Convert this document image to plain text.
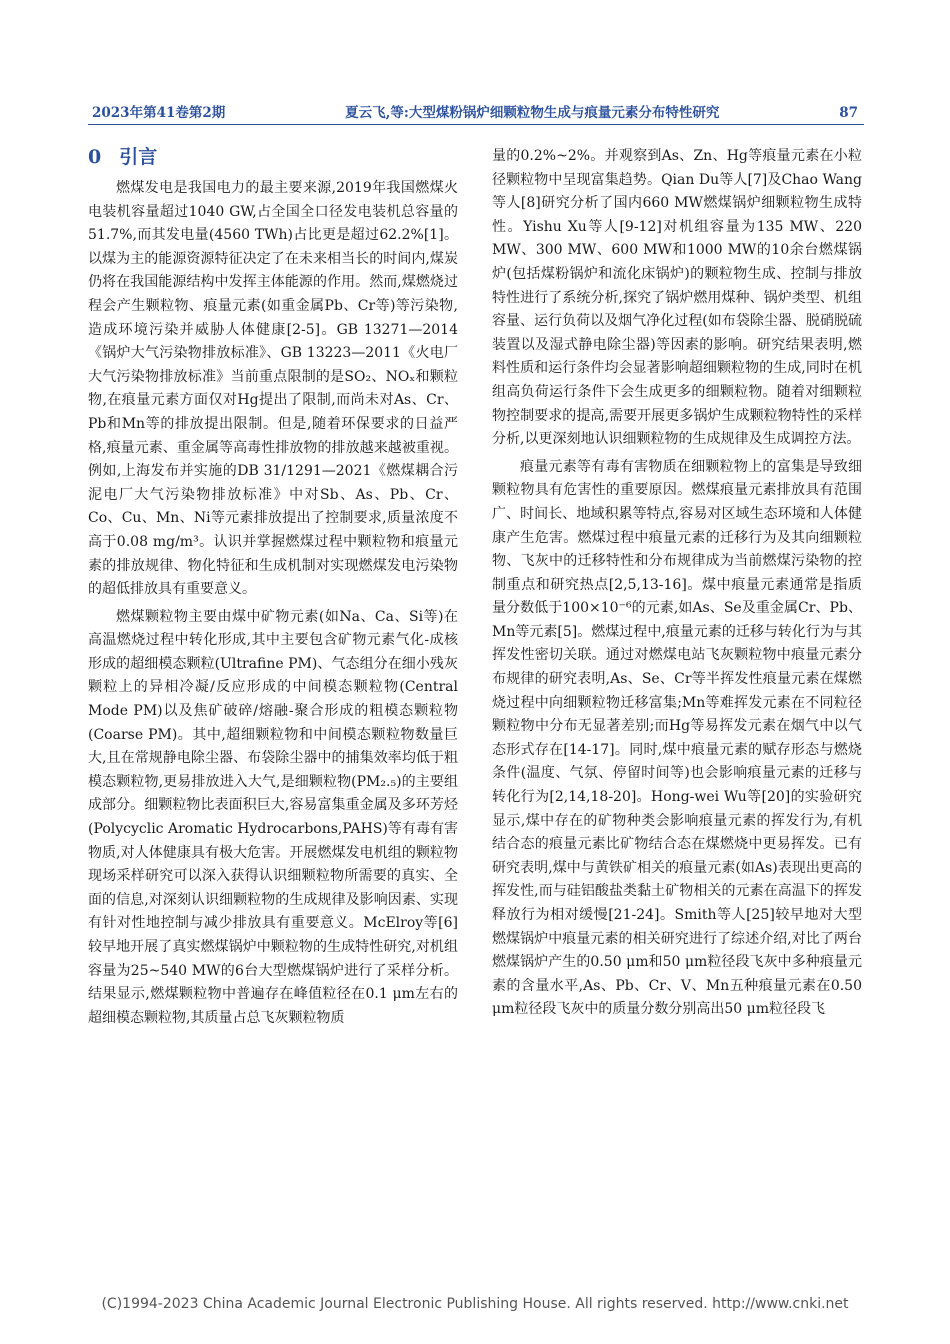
2023年第41卷第2期	夏云飞,等:大型煤粉锅炉细颗粒物生成与痕量元素分布特性研究	87
0 引言

燃煤发电是我国电力的最主要来源,2019年我国燃煤火电装机容量超过1040 GW,占全国全口径发电装机总容量的51.7%,而其发电量(4560 TWh)占比更是超过62.2%[1]。以煤为主的能源资源特征决定了在未来相当长的时间内,煤炭仍将在我国能源结构中发挥主体能源的作用。然而,煤燃烧过程会产生颗粒物、痕量元素(如重金属Pb、Cr等)等污染物,造成环境污染并威胁人体健康[2-5]。GB 13271—2014《锅炉大气污染物排放标准》、GB 13223—2011《火电厂大气污染物排放标准》当前重点限制的是SO₂、NOₓ和颗粒物,在痕量元素方面仅对Hg提出了限制,而尚未对As、Cr、Pb和Mn等的排放提出限制。但是,随着环保要求的日益严格,痕量元素、重金属等高毒性排放物的排放越来越被重视。例如,上海发布并实施的DB 31/1291—2021《燃煤耦合污泥电厂大气污染物排放标准》中对Sb、As、Pb、Cr、Co、Cu、Mn、Ni等元素排放提出了控制要求,质量浓度不高于0.08 mg/m³。认识并掌握燃煤过程中颗粒物和痕量元素的排放规律、物化特征和生成机制对实现燃煤发电污染物的超低排放具有重要意义。

燃煤颗粒物主要由煤中矿物元素(如Na、Ca、Si等)在高温燃烧过程中转化形成,其中主要包含矿物元素气化-成核形成的超细模态颗粒(Ultrafine PM)、气态组分在细小残灰颗粒上的异相冷凝/反应形成的中间模态颗粒物(Central Mode PM)以及焦矿破碎/熔融-聚合形成的粗模态颗粒物(Coarse PM)。其中,超细颗粒物和中间模态颗粒物数量巨大,且在常规静电除尘器、布袋除尘器中的捕集效率均低于粗模态颗粒物,更易排放进入大气,是细颗粒物(PM₂.₅)的主要组成部分。细颗粒物比表面积巨大,容易富集重金属及多环芳烃(Polycyclic Aromatic Hydrocarbons,PAHS)等有毒有害物质,对人体健康具有极大危害。开展燃煤发电机组的颗粒物现场采样研究可以深入获得认识细颗粒物所需要的真实、全面的信息,对深刻认识细颗粒物的生成规律及影响因素、实现有针对性地控制与减少排放具有重要意义。McElroy等[6]较早地开展了真实燃煤锅炉中颗粒物的生成特性研究,对机组容量为25~540 MW的6台大型燃煤锅炉进行了采样分析。结果显示,燃煤颗粒物中普遍存在峰值粒径在0.1 μm左右的超细模态颗粒物,其质量占总飞灰颗粒物质

量的0.2%~2%。并观察到As、Zn、Hg等痕量元素在小粒径颗粒物中呈现富集趋势。Qian Du等人[7]及Chao Wang等人[8]研究分析了国内660 MW燃煤锅炉细颗粒物生成特性。Yishu Xu等人[9-12]对机组容量为135 MW、220 MW、300 MW、600 MW和1000 MW的10余台燃煤锅炉(包括煤粉锅炉和流化床锅炉)的颗粒物生成、控制与排放特性进行了系统分析,探究了锅炉燃用煤种、锅炉类型、机组容量、运行负荷以及烟气净化过程(如布袋除尘器、脱硝脱硫装置以及湿式静电除尘器)等因素的影响。研究结果表明,燃料性质和运行条件均会显著影响超细颗粒物的生成,同时在机组高负荷运行条件下会生成更多的细颗粒物。随着对细颗粒物控制要求的提高,需要开展更多锅炉生成颗粒物特性的采样分析,以更深刻地认识细颗粒物的生成规律及生成调控方法。

痕量元素等有毒有害物质在细颗粒物上的富集是导致细颗粒物具有危害性的重要原因。燃煤痕量元素排放具有范围广、时间长、地域积累等特点,容易对区域生态环境和人体健康产生危害。燃煤过程中痕量元素的迁移行为及其向细颗粒物、飞灰中的迁移特性和分布规律成为当前燃煤污染物的控制重点和研究热点[2,5,13-16]。煤中痕量元素通常是指质量分数低于100×10⁻⁶的元素,如As、Se及重金属Cr、Pb、Mn等元素[5]。燃煤过程中,痕量元素的迁移与转化行为与其挥发性密切关联。通过对燃煤电站飞灰颗粒物中痕量元素分布规律的研究表明,As、Se、Cr等半挥发性痕量元素在煤燃烧过程中向细颗粒物迁移富集;Mn等难挥发元素在不同粒径颗粒物中分布无显著差别;而Hg等易挥发元素在烟气中以气态形式存在[14-17]。同时,煤中痕量元素的赋存形态与燃烧条件(温度、气氛、停留时间等)也会影响痕量元素的迁移与转化行为[2,14,18-20]。Hong-wei Wu等[20]的实验研究显示,煤中存在的矿物种类会影响痕量元素的挥发行为,有机结合态的痕量元素比矿物结合态在煤燃烧中更易挥发。已有研究表明,煤中与黄铁矿相关的痕量元素(如As)表现出更高的挥发性,而与硅铝酸盐类黏土矿物相关的元素在高温下的挥发释放行为相对缓慢[21-24]。Smith等人[25]较早地对大型燃煤锅炉中痕量元素的相关研究进行了综述介绍,对比了两台燃煤锅炉产生的0.50 μm和50 μm粒径段飞灰中多种痕量元素的含量水平,As、Pb、Cr、V、Mn五种痕量元素在0.50 μm粒径段飞灰中的质量分数分别高出50 μm粒径段飞

(C)1994-2023 China Academic Journal Electronic Publishing House. All rights reserved. http://www.cnki.net
